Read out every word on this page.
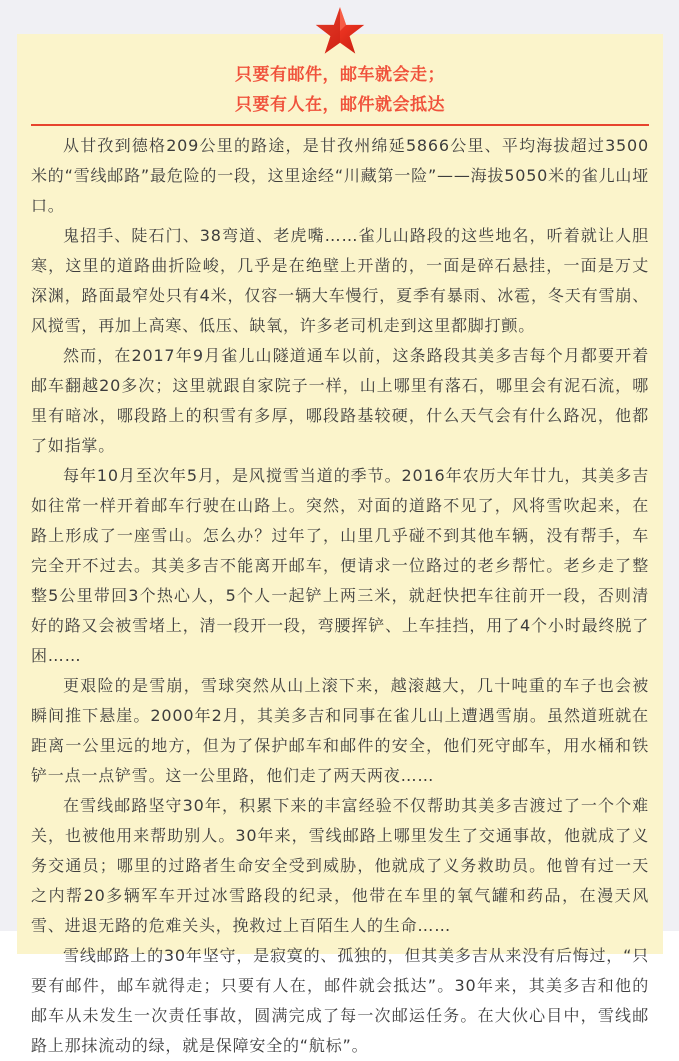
只要有邮件，邮车就会走；

只要有人在，邮件就会抵达

从甘孜到德格209公里的路途，是甘孜州绵延5866公里、平均海拔超过3500米的“雪线邮路”最危险的一段，这里途经“川藏第一险”——海拔5050米的雀儿山垭口。

鬼招手、陡石门、38弯道、老虎嘴……雀儿山路段的这些地名，听着就让人胆寒，这里的道路曲折险峻，几乎是在绝壁上开凿的，一面是碎石悬挂，一面是万丈深渊，路面最窄处只有4米，仅容一辆大车慢行，夏季有暴雨、冰雹，冬天有雪崩、风搅雪，再加上高寒、低压、缺氧，许多老司机走到这里都脚打颤。

然而，在2017年9月雀儿山隧道通车以前，这条路段其美多吉每个月都要开着邮车翻越20多次；这里就跟自家院子一样，山上哪里有落石，哪里会有泥石流，哪里有暗冰，哪段路上的积雪有多厚，哪段路基较硬，什么天气会有什么路况，他都了如指掌。

每年10月至次年5月，是风搅雪当道的季节。2016年农历大年廿九，其美多吉如往常一样开着邮车行驶在山路上。突然，对面的道路不见了，风将雪吹起来，在路上形成了一座雪山。怎么办？过年了，山里几乎碰不到其他车辆，没有帮手，车完全开不过去。其美多吉不能离开邮车，便请求一位路过的老乡帮忙。老乡走了整整5公里带回3个热心人，5个人一起铲上两三米，就赶快把车往前开一段，否则清好的路又会被雪堵上，清一段开一段，弯腰挥铲、上车挂挡，用了4个小时最终脱了困……

更艰险的是雪崩，雪球突然从山上滚下来，越滚越大，几十吨重的车子也会被瞬间推下悬崖。2000年2月，其美多吉和同事在雀儿山上遭遇雪崩。虽然道班就在距离一公里远的地方，但为了保护邮车和邮件的安全，他们死守邮车，用水桶和铁铲一点一点铲雪。这一公里路，他们走了两天两夜……

在雪线邮路坚守30年，积累下来的丰富经验不仅帮助其美多吉渡过了一个个难关，也被他用来帮助别人。30年来，雪线邮路上哪里发生了交通事故，他就成了义务交通员；哪里的过路者生命安全受到威胁，他就成了义务救助员。他曾有过一天之内帮20多辆军车开过冰雪路段的纪录，他带在车里的氧气罐和药品，在漫天风雪、进退无路的危难关头，挽救过上百陌生人的生命……

雪线邮路上的30年坚守，是寂寞的、孤独的，但其美多吉从来没有后悔过，“只要有邮件，邮车就得走；只要有人在，邮件就会抵达”。30年来，其美多吉和他的邮车从未发生一次责任事故，圆满完成了每一次邮运任务。在大伙心目中，雪线邮路上那抹流动的绿，就是保障安全的“航标”。
